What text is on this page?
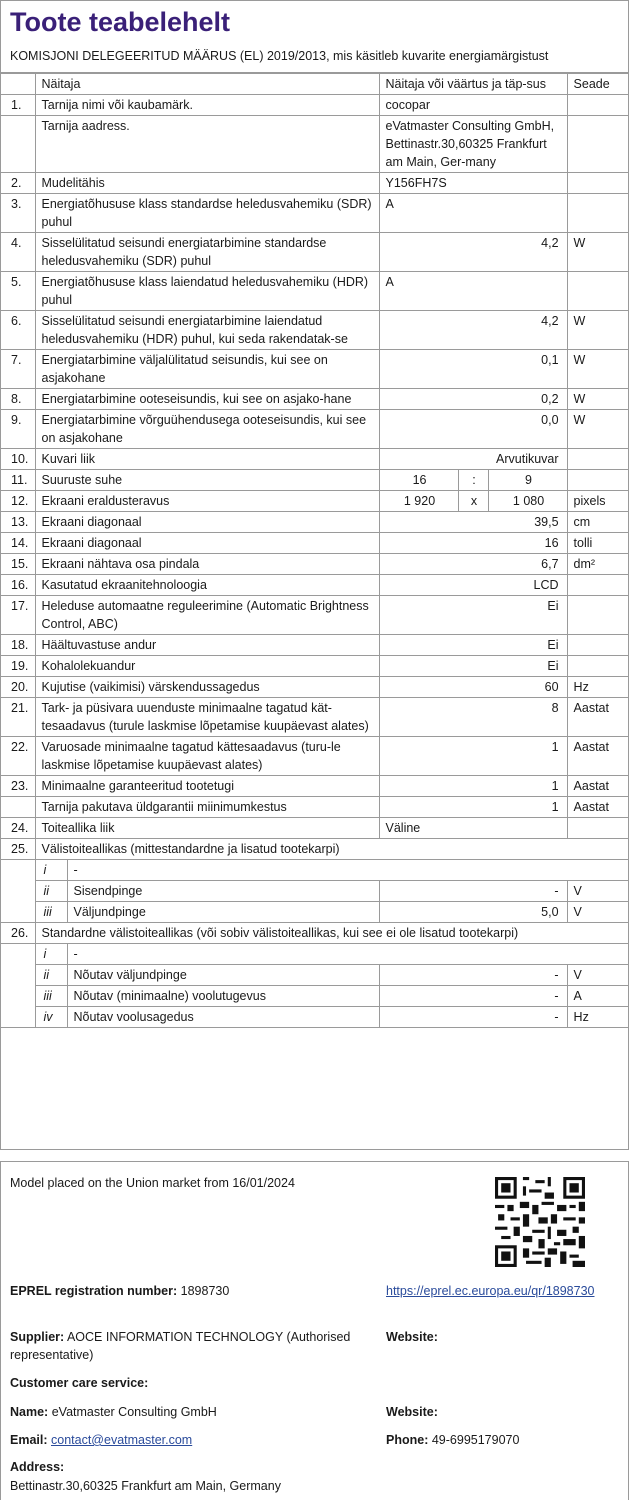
Toote teabelehelt
KOMISJONI DELEGEERITUD MÄÄRUS (EL) 2019/2013, mis käsitleb kuvarite energiamärgistust
	Näitaja		Näitaja või väärtus ja täp-sus			Seade
1.	Tarnija nimi või kaubamärk.		cocopar			
	Tarnija aadress.		eVatmaster Consulting GmbH, Bettinastr.30,60325 Frankfurt am Main, Ger-many			
2.	Mudelitähis		Y156FH7S			
3.	Energiatõhususe klass standardse heledusvahemiku (SDR) puhul		A			
4.	Sisselülitatud seisundi energiatarbimine standardse heledusvahemiku (SDR) puhul		4,2			W
5.	Energiatõhususe klass laiendatud heledusvahemiku (HDR) puhul		A			
6.	Sisselülitatud seisundi energiatarbimine laiendatud heledusvahemiku (HDR) puhul, kui seda rakendatak-se		4,2			W
7.	Energiatarbimine väljalülitatud seisundis, kui see on asjakohane		0,1			W
8.	Energiatarbimine ooteseisundis, kui see on asjako-hane		0,2			W
9.	Energiatarbimine võrguühendusega ooteseisundis, kui see on asjakohane		0,0			W
10.	Kuvari liik		Arvutikuvar			
11.	Suuruste suhe		16	:	9	
12.	Ekraani eraldusteravus		1 920	x	1 080	pixels
13.	Ekraani diagonaal		39,5			cm
14.	Ekraani diagonaal		16			tolli
15.	Ekraani nähtava osa pindala		6,7			dm²
16.	Kasutatud ekraanitehnoloogia		LCD			
17.	Heleduse automaatne reguleerimine (Automatic Brightness Control, ABC)		Ei			
18.	Häältuvastuse andur		Ei			
19.	Kohalolekuandur		Ei			
20.	Kujutise (vaikimisi) värskendussagedus		60			Hz
21.	Tark- ja püsivara uuenduste minimaalne tagatud kät-tesaadavus (turule laskmise lõpetamise kuupäevast alates)		8			Aastat
22.	Varuosade minimaalne tagatud kättesaadavus (turu-le laskmise lõpetamise kuupäevast alates)		1			Aastat
23.	Minimaalne garanteeritud tootetugi		1			Aastat
	Tarnija pakutava üldgarantii miinimumkestus		1			Aastat
24.	Toiteallika liik		Väline			
25.	Välistoiteallikas (mittestandardne ja lisatud tootekarpi)					
	i	-				
	ii	Sisendpinge	-			V
	iii	Väljundpinge	5,0			V
26.	Standardne välistoiteallikas (või sobiv välistoiteallikas, kui see ei ole lisatud tootekarpi)					
	i	-				
	ii	Nõutav väljundpinge	-			V
	iii	Nõutav (minimaalne) voolutugevus	-			A
	iv	Nõutav voolusagedus	-			Hz
Model placed on the Union market from 16/01/2024
EPREL registration number: 1898730	https://eprel.ec.europa.eu/qr/1898730
Supplier: AOCE INFORMATION TECHNOLOGY (Authorised representative)
Website:
Customer care service:
Name: eVatmaster Consulting GmbH	Website:
Email: contact@evatmaster.com	Phone: 49-6995179070
Address:
Bettinastr.30,60325 Frankfurt am Main, Germany
